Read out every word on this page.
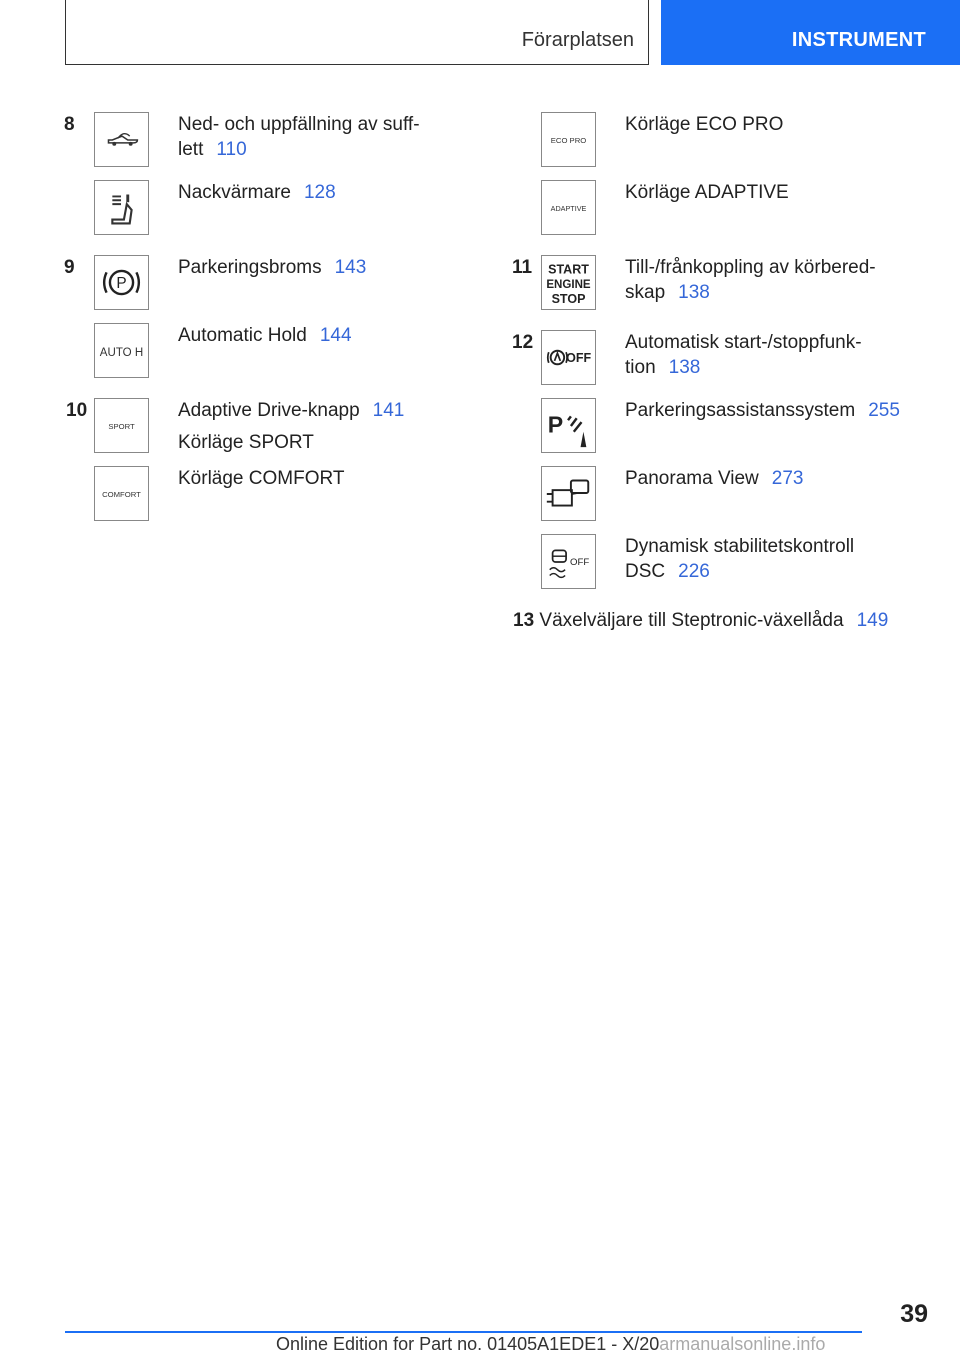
Förarplatsen	INSTRUMENT
8	Ned- och uppfällning av suff-
lett 110
Nackvärmare 128
9
P
Parkeringsbroms 143
AUTO H
Automatic Hold 144
10
SPORT
Adaptive Drive-knapp 141
Körläge SPORT
COMFORT
Körläge COMFORT
ECO PRO
Körläge ECO PRO
ADAPTIVE
Körläge ADAPTIVE
11 START
ENGINE
STOP
Till-/frånkoppling av körbered-
skap 138
12
OFF
Automatisk start-/stoppfunk-
tion 138
P
Parkeringsassistanssystem 255
Panorama View 273
OFF
Dynamisk stabilitetskontroll
DSC 226
13 Växelväljare till Steptronic-växellåda 149
39
Online Edition for Part no. 01405A1EDE1 - X/20armanualsonline.info
